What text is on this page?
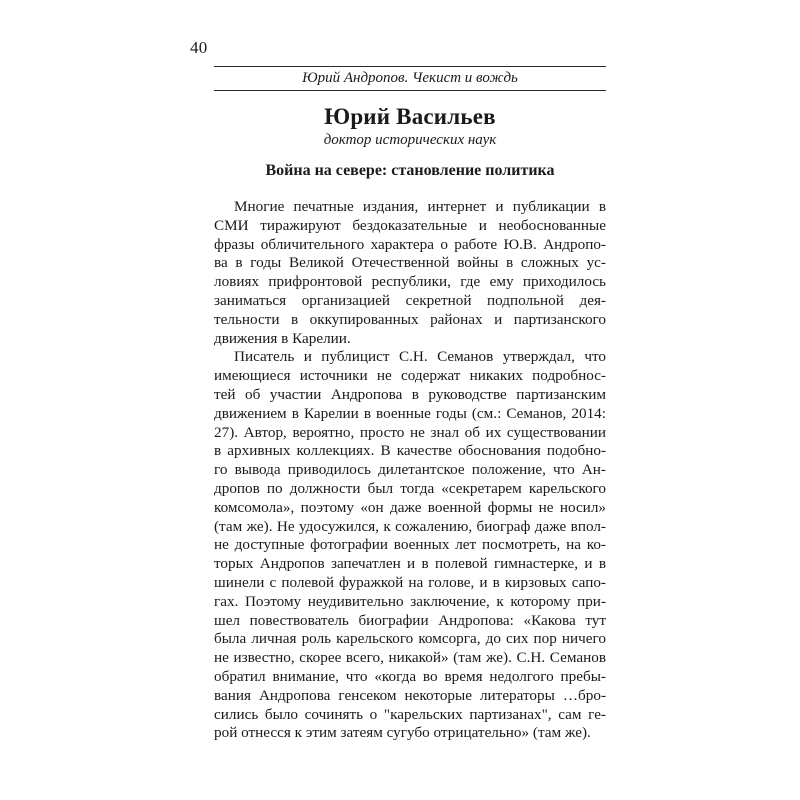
40
Юрий Андропов. Чекист и вождь
Юрий Васильев
доктор исторических наук
Война на севере: становление политика
Многие печатные издания, интернет и публикации в
СМИ тиражируют бездоказательные и необоснованные
фразы обличительного характера о работе Ю.В. Андропо-
ва в годы Великой Отечественной войны в сложных ус-
ловиях прифронтовой республики, где ему приходилось
заниматься организацией секретной подпольной дея-
тельности в оккупированных районах и партизанского
движения в Карелии.
Писатель и публицист С.Н. Семанов утверждал, что
имеющиеся источники не содержат никаких подробнос-
тей об участии Андропова в руководстве партизанским
движением в Карелии в военные годы (см.: Семанов, 2014:
27). Автор, вероятно, просто не знал об их существовании
в архивных коллекциях. В качестве обоснования подобно-
го вывода приводилось дилетантское положение, что Ан-
дропов по должности был тогда «секретарем карельского
комсомола», поэтому «он даже военной формы не носил»
(там же). Не удосужился, к сожалению, биограф даже впол-
не доступные фотографии военных лет посмотреть, на ко-
торых Андропов запечатлен и в полевой гимнастерке, и в
шинели с полевой фуражкой на голове, и в кирзовых сапо-
гах. Поэтому неудивительно заключение, к которому при-
шел повествователь биографии Андропова: «Какова тут
была личная роль карельского комсорга, до сих пор ничего
не известно, скорее всего, никакой» (там же). С.Н. Семанов
обратил внимание, что «когда во время недолгого пребы-
вания Андропова генсеком некоторые литераторы …бро-
сились было сочинять о "карельских партизанах", сам ге-
рой отнесся к этим затеям сугубо отрицательно» (там же).
